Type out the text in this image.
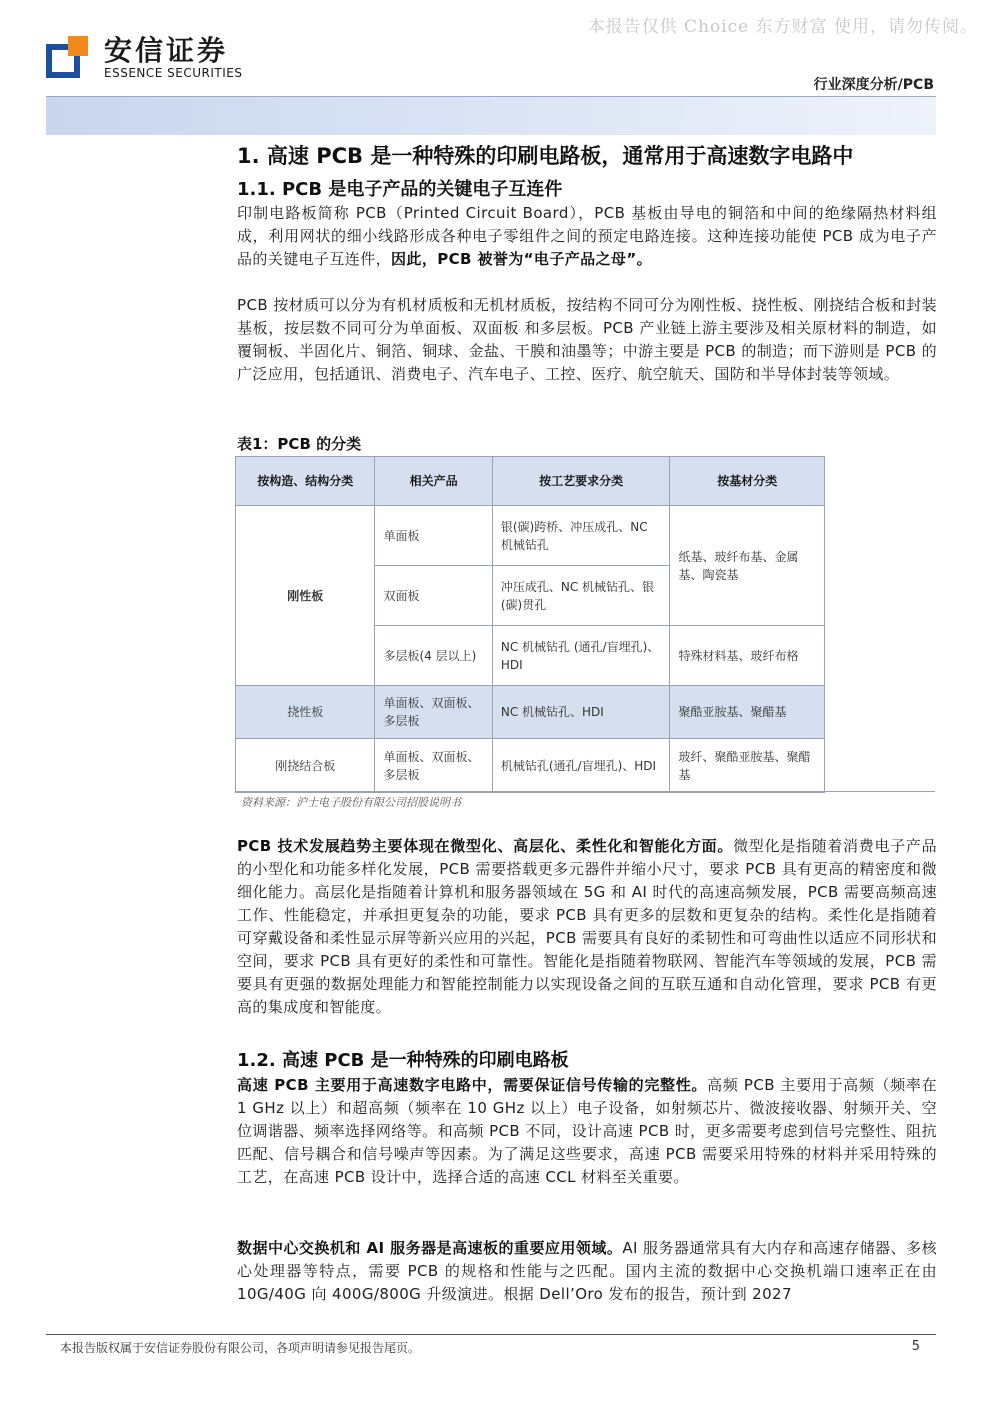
本报告仅供 Choice 东方财富 使用，请勿传阅。
安信证券
ESSENCE SECURITIES
行业深度分析/PCB
1. 高速 PCB 是一种特殊的印刷电路板，通常用于高速数字电路中
1.1. PCB 是电子产品的关键电子互连件

印制电路板简称 PCB（Printed Circuit Board），PCB 基板由导电的铜箔和中间的绝缘隔热材料组成，利用网状的细小线路形成各种电子零组件之间的预定电路连接。这种连接功能使 PCB 成为电子产品的关键电子互连件，因此，PCB 被誉为“电子产品之母”。

PCB 按材质可以分为有机材质板和无机材质板，按结构不同可分为刚性板、挠性板、刚挠结合板和封装基板，按层数不同可分为单面板、双面板 和多层板。PCB 产业链上游主要涉及相关原材料的制造，如覆铜板、半固化片、铜箔、铜球、金盐、干膜和油墨等；中游主要是 PCB 的制造；而下游则是 PCB 的广泛应用，包括通讯、消费电子、汽车电子、工控、医疗、航空航天、国防和半导体封装等领域。

表1：PCB 的分类
按构造、结构分类	相关产品	按工艺要求分类	按基材分类
刚性板	单面板	银(碳)跨桥、冲压成孔、NC 机械钻孔	纸基、玻纤布基、金属基、陶瓷基
	双面板	冲压成孔、NC 机械钻孔、银(碳)贯孔	
	多层板(4 层以上)	NC 机械钻孔 (通孔/盲埋孔)、HDI	特殊材料基、玻纤布格
挠性板	单面板、双面板、多层板	NC 机械钻孔、HDI	聚酷亚胺基、聚醋基
刚挠结合板	单面板、双面板、多层板	机械钻孔(通孔/盲埋孔)、HDI	玻纤、聚酷亚胺基、聚醋基
资料来源：沪士电子股份有限公司招股说明书

PCB 技术发展趋势主要体现在微型化、高层化、柔性化和智能化方面。微型化是指随着消费电子产品的小型化和功能多样化发展，PCB 需要搭载更多元器件并缩小尺寸，要求 PCB 具有更高的精密度和微细化能力。高层化是指随着计算机和服务器领域在 5G 和 AI 时代的高速高频发展，PCB 需要高频高速工作、性能稳定，并承担更复杂的功能，要求 PCB 具有更多的层数和更复杂的结构。柔性化是指随着可穿戴设备和柔性显示屏等新兴应用的兴起，PCB 需要具有良好的柔韧性和可弯曲性以适应不同形状和空间，要求 PCB 具有更好的柔性和可靠性。智能化是指随着物联网、智能汽车等领域的发展，PCB 需要具有更强的数据处理能力和智能控制能力以实现设备之间的互联互通和自动化管理，要求 PCB 有更高的集成度和智能度。

1.2. 高速 PCB 是一种特殊的印刷电路板

高速 PCB 主要用于高速数字电路中，需要保证信号传输的完整性。高频 PCB 主要用于高频（频率在 1 GHz 以上）和超高频（频率在 10 GHz 以上）电子设备，如射频芯片、微波接收器、射频开关、空位调谐器、频率选择网络等。和高频 PCB 不同，设计高速 PCB 时，更多需要考虑到信号完整性、阻抗匹配、信号耦合和信号噪声等因素。为了满足这些要求，高速 PCB 需要采用特殊的材料并采用特殊的工艺，在高速 PCB 设计中，选择合适的高速 CCL 材料至关重要。

数据中心交换机和 AI 服务器是高速板的重要应用领域。AI 服务器通常具有大内存和高速存储器、多核心处理器等特点，需要 PCB 的规格和性能与之匹配。国内主流的数据中心交换机端口速率正在由 10G/40G 向 400G/800G 升级演进。根据 Dell’Oro 发布的报告，预计到 2027

本报告版权属于安信证券股份有限公司，各项声明请参见报告尾页。	5
